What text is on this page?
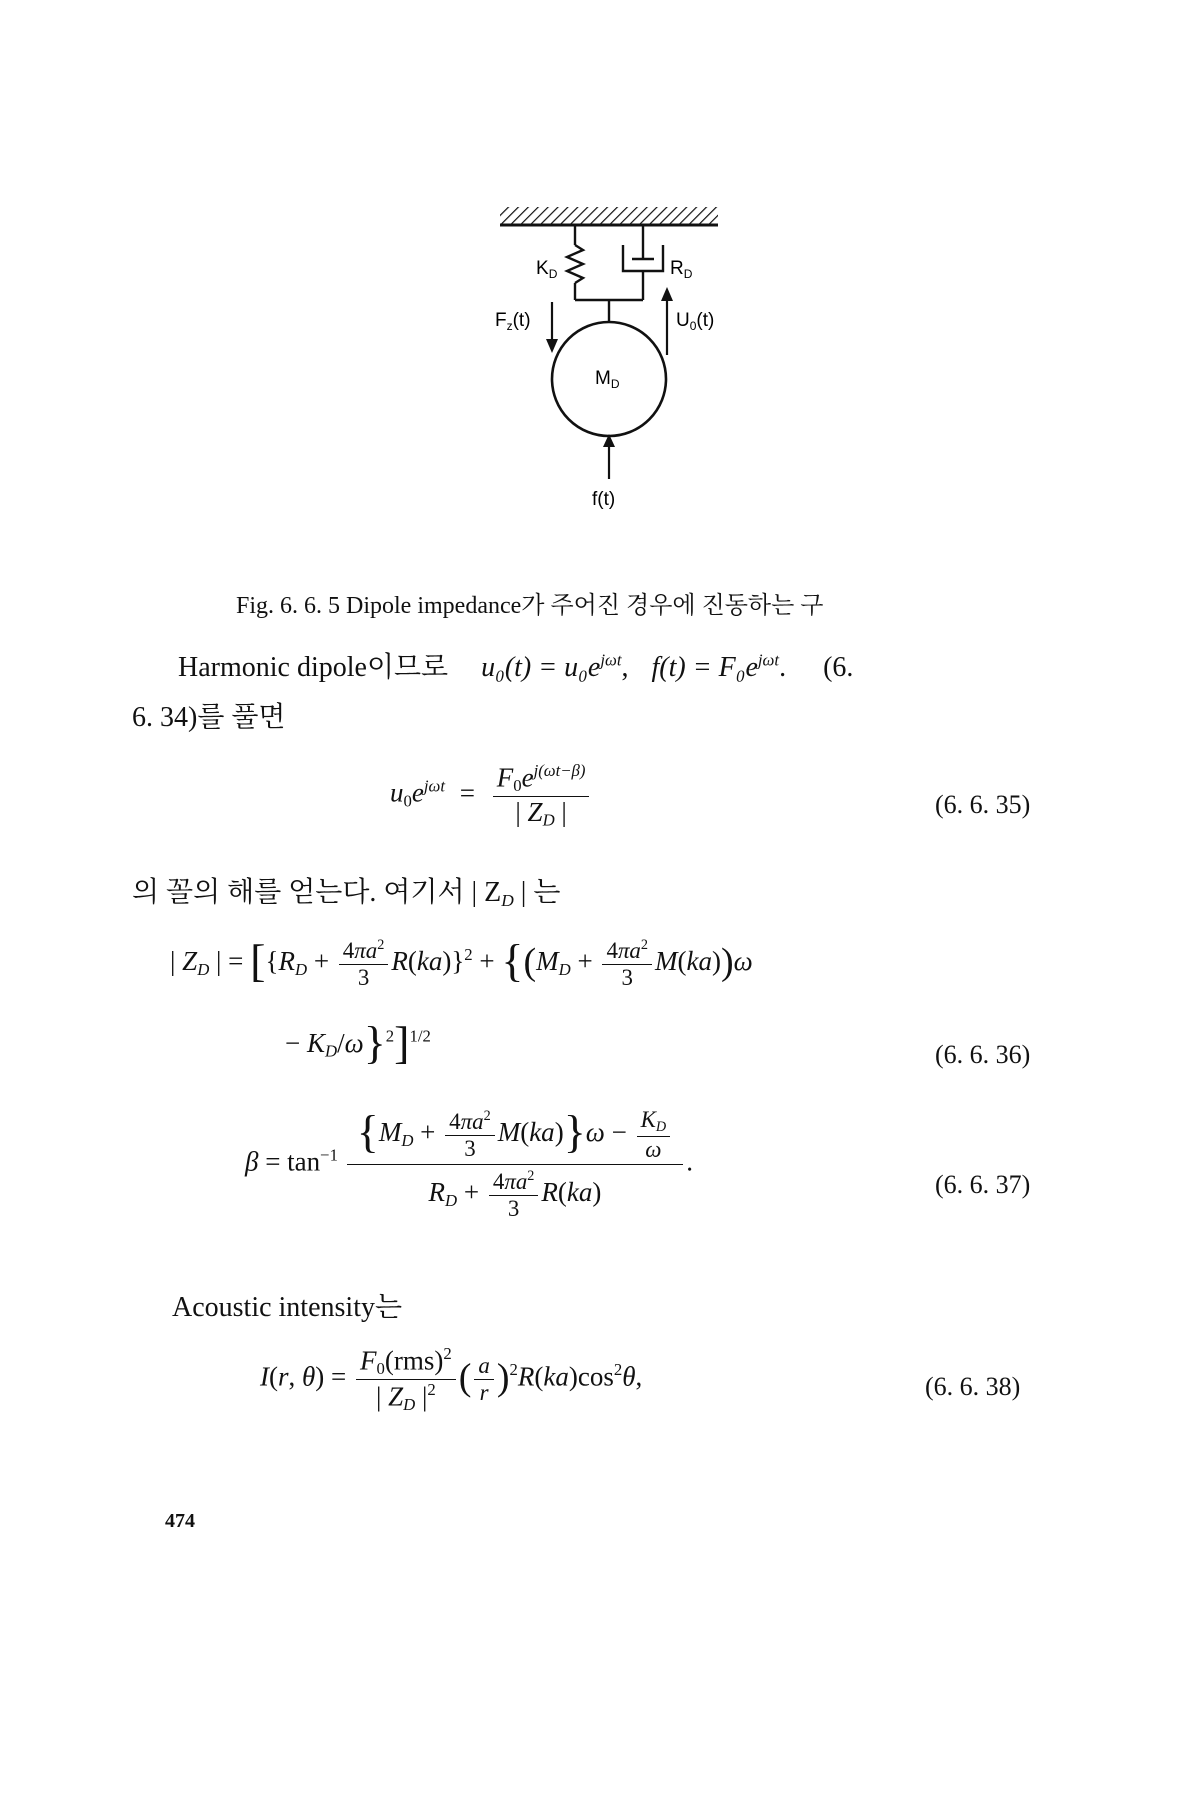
$K_D$	$R_D$
$F_z(t)$	$U_0(t)$
$M_D$
f(t)
Fig. 6. 6. 5 Dipole impedance가 주어진 경우에 진동하는 구
Harmonic dipole이므로 $u_0(t) = u_0e^{j\omega t}$, $f(t) = F_0e^{j\omega t}$. (6.
6. 34)를 풀면
$u_0e^{j\omega t} = \frac{F_0e^{j(\omega t-\beta)}}{| Z_D |}$	(6. 6. 35)
의 꼴의 해를 얻는다. 여기서 | $Z_D$ | 는
| $Z_D$ | = [$\{R_D + \frac{4\pi a^2}{3} R(ka)\}^2 + \{(M_D + \frac{4\pi a^2}{3} M(ka))\omega$
− $K_D/\omega\}^2]^{1/2}$
(6. 6. 36)
$\beta = \tan^{-1} \frac{\{M_D + \frac{4\pi a^2}{3} M(ka)\}\omega - \frac{K_D}{\omega}}{R_D + \frac{4\pi a^2}{3} R(ka)}$ .
(6. 6. 37)
Acoustic intensity는
I(r, $\theta) = \frac{F_0(rms)^2}{| Z_D |^2}$ ( $\frac{a}{r} )^2R(ka)\cos^2\theta$,	(6. 6. 38)
474
